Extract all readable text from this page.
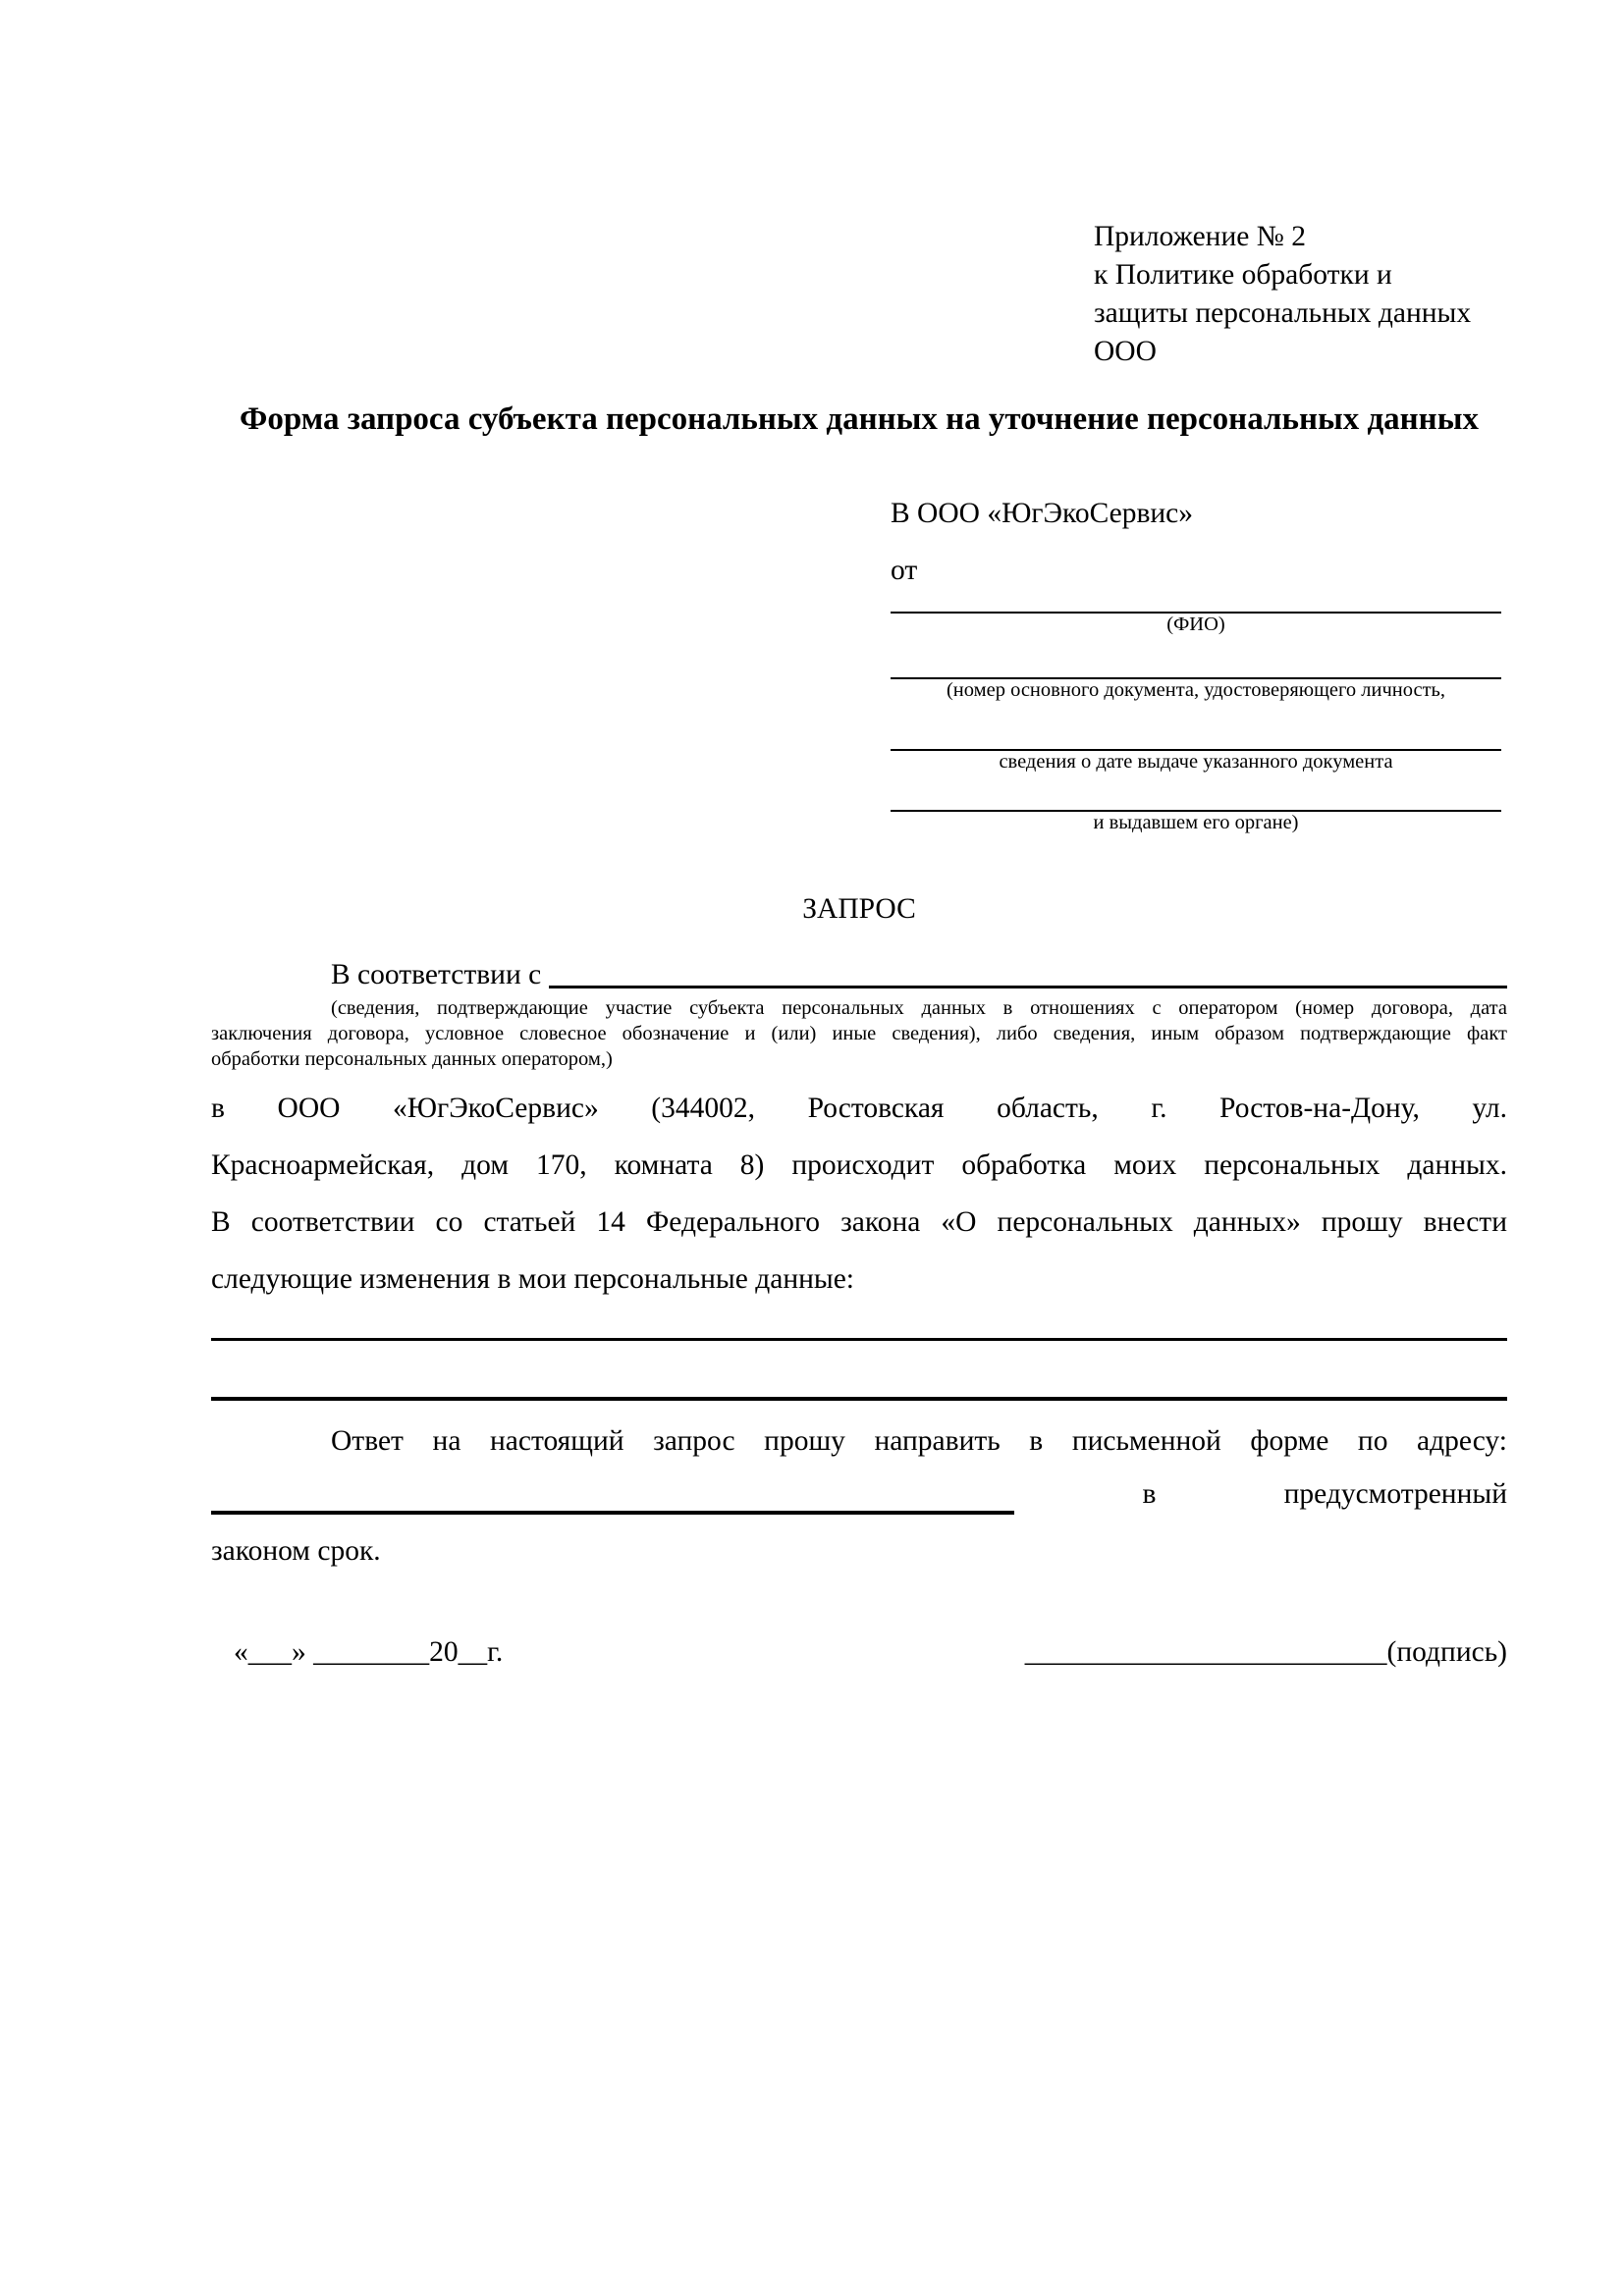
Приложение № 2
к Политике обработки и
защиты персональных данных
ООО
Форма запроса субъекта персональных данных на уточнение персональных данных
В ООО «ЮгЭкоСервис»
от
(ФИО)
(номер основного документа, удостоверяющего личность,
сведения о дате выдаче указанного документа
и выдавшем его органе)
ЗАПРОС
В соответствии с
(сведения, подтверждающие участие субъекта персональных данных в отношениях с оператором (номер договора, дата
заключения договора, условное словесное обозначение и (или) иные сведения), либо сведения, иным образом подтверждающие факт
обработки персональных данных оператором,)
в ООО «ЮгЭкоСервис» (344002, Ростовская область, г. Ростов-на-Дону, ул.
Красноармейская, дом 170, комната 8) происходит обработка моих персональных данных.
В соответствии со статьей 14 Федерального закона «О персональных данных» прошу внести
следующие изменения в мои персональные данные:
Ответ на настоящий запрос прошу направить в письменной форме по адресу:
в	предусмотренный
законом срок.
«___» ________20__г.	_________________________(подпись)
